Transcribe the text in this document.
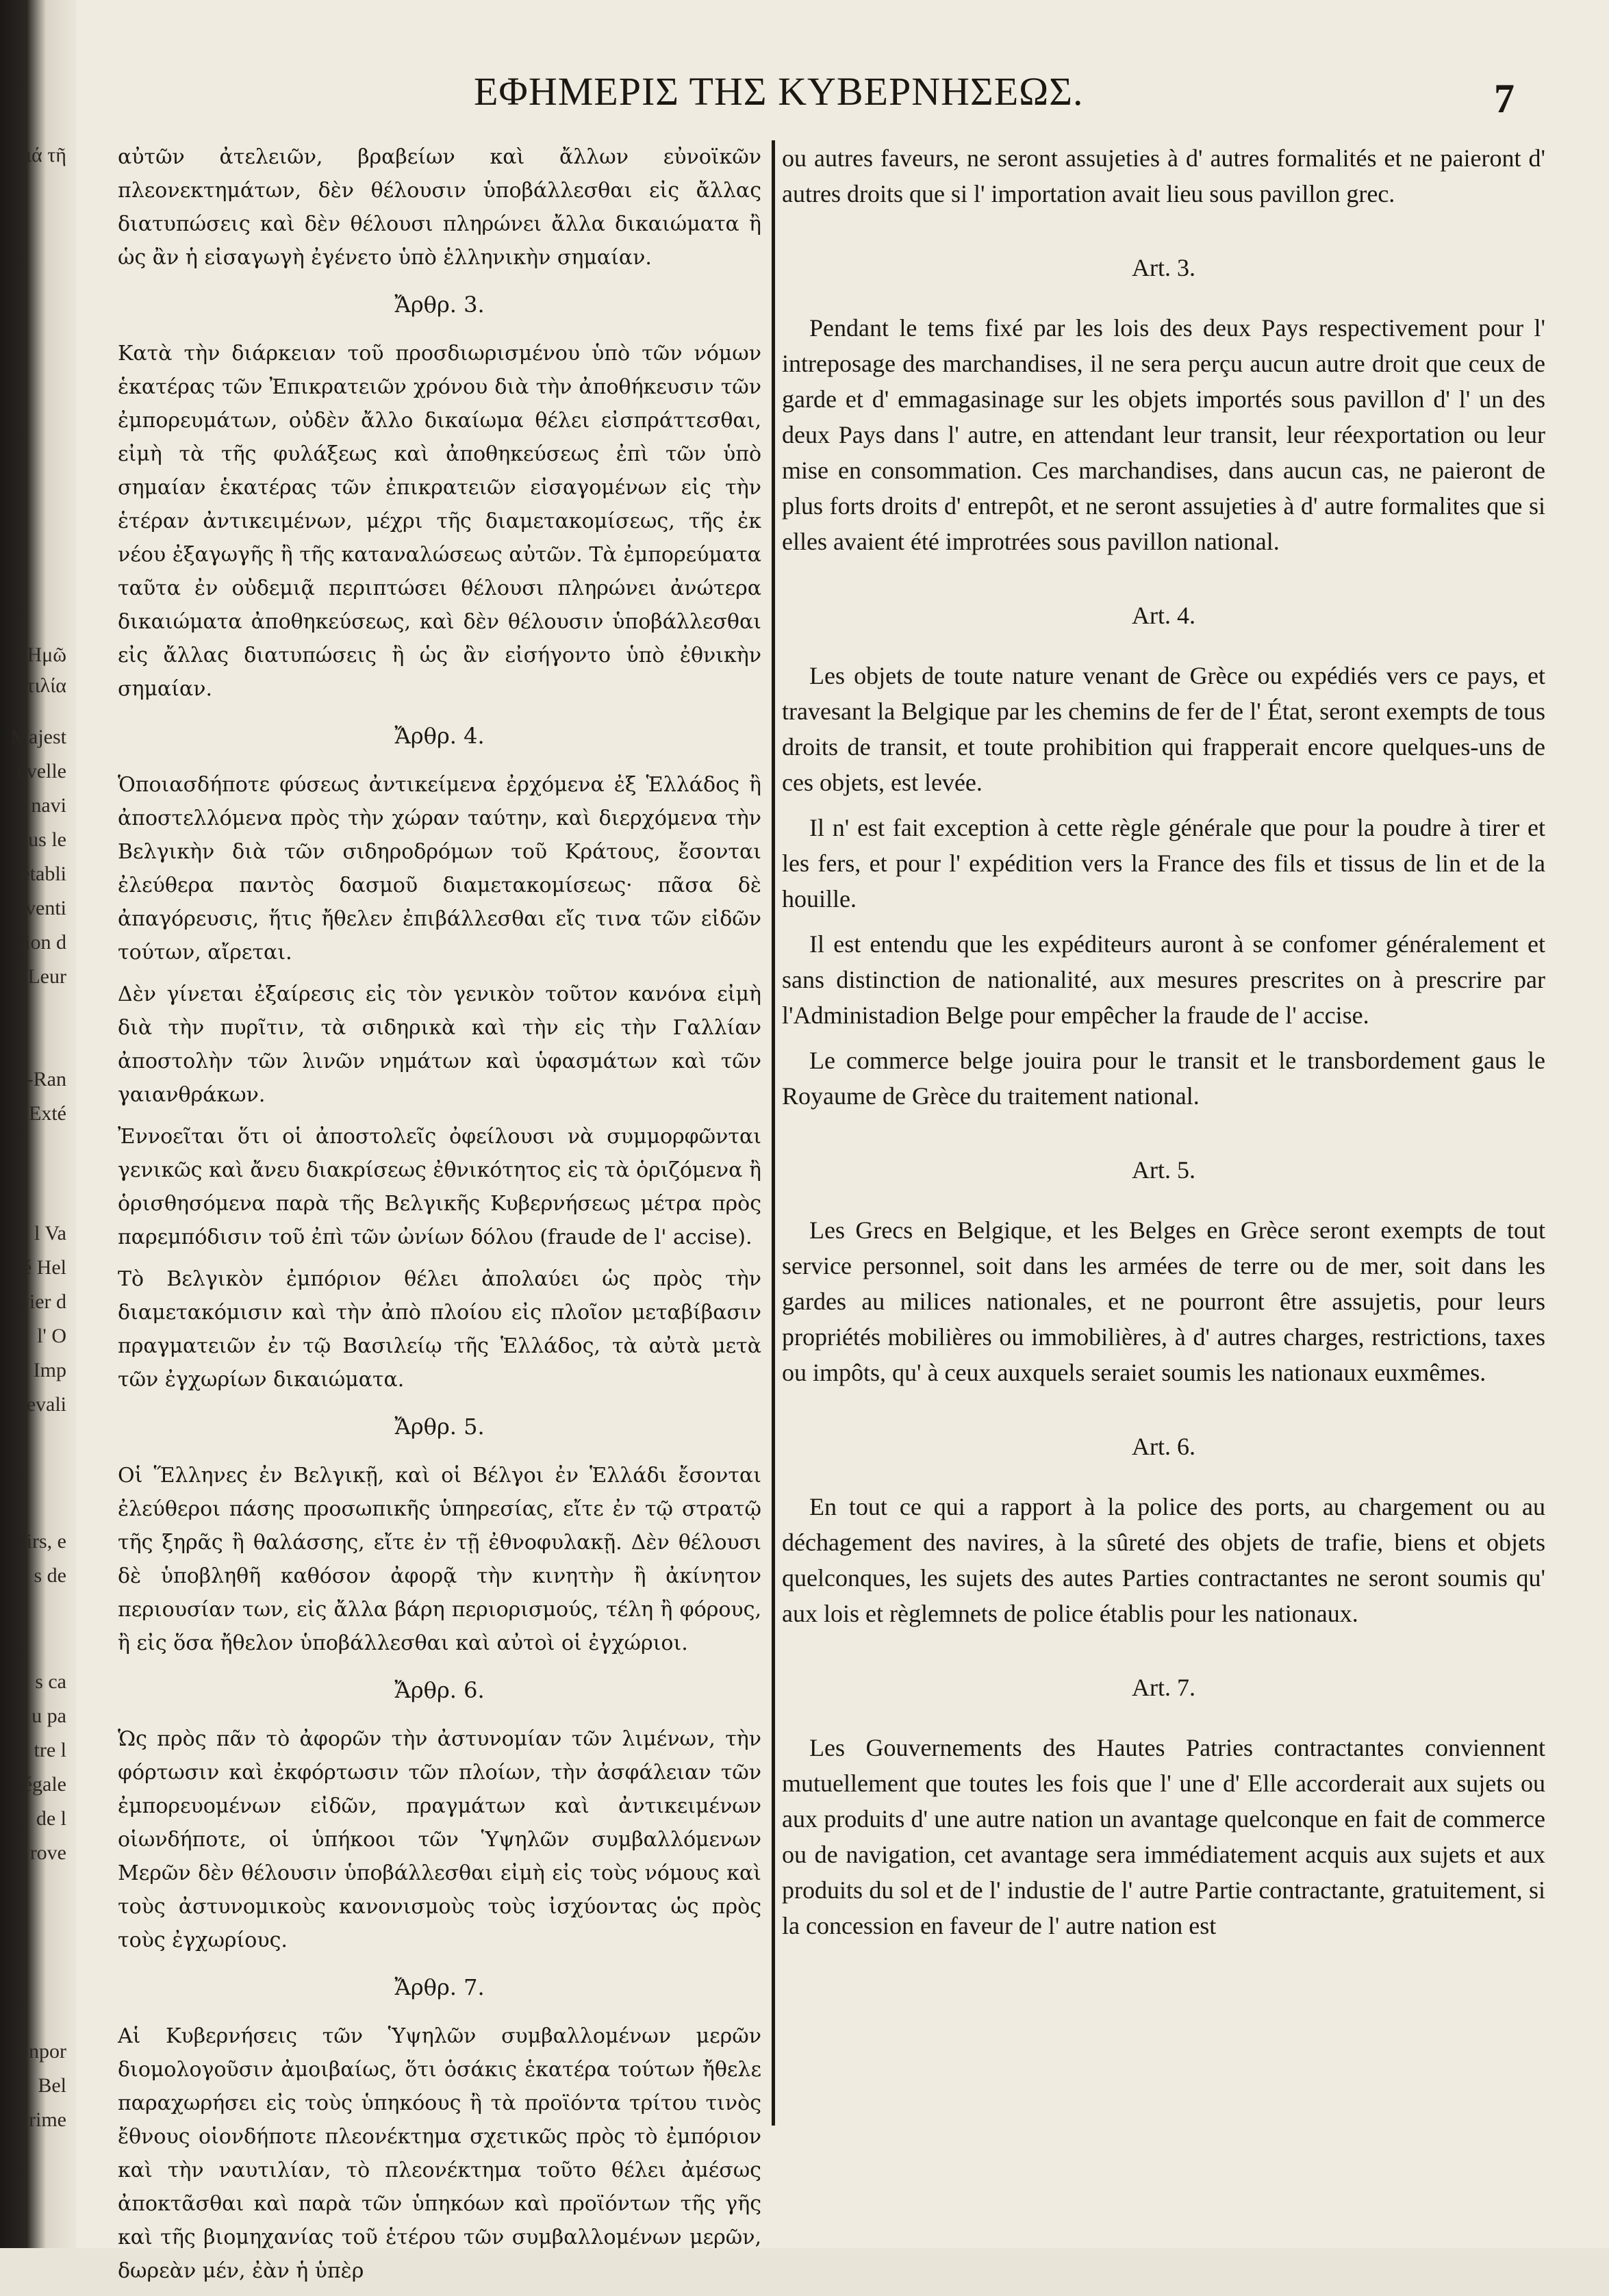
ιά τῆ
Ημῶ
τιλία
Majest
uvelle
navi
lus le
établi
venti
ion d
Leur
-Ran
Exté
l Va
é Hel
ier d
l' O
Imp
evali
irs, e
s de
s ca
u pa
tre l
égale
de l
rove
npor
Bel
rime
ΕΦΗΜΕΡΙΣ ΤΗΣ ΚΥΒΕΡΝΗΣΕΩΣ.	7

αὐτῶν ἀτελειῶν, βραβείων καὶ ἄλλων εὐνοϊκῶν πλεονεκτημάτων, δὲν θέλουσιν ὑποβάλλεσθαι εἰς ἄλλας διατυπώσεις καὶ δὲν θέλουσι πληρώνει ἄλλα δικαιώματα ἢ ὡς ἂν ἡ εἰσαγωγὴ ἐγένετο ὑπὸ ἑλληνικὴν σημαίαν.

Ἄρθρ. 3.

Κατὰ τὴν διάρκειαν τοῦ προσδιωρισμένου ὑπὸ τῶν νόμων ἑκατέρας τῶν Ἐπικρατειῶν χρόνου διὰ τὴν ἀποθήκευσιν τῶν ἐμπορευμάτων, οὐδὲν ἄλλο δικαίωμα θέλει εἰσπράττεσθαι, εἰμὴ τὰ τῆς φυλάξεως καὶ ἀποθηκεύσεως ἐπὶ τῶν ὑπὸ σημαίαν ἑκατέρας τῶν ἐπικρατειῶν εἰσαγομένων εἰς τὴν ἑτέραν ἀντικειμένων, μέχρι τῆς διαμετακομίσεως, τῆς ἐκ νέου ἐξαγωγῆς ἢ τῆς καταναλώσεως αὐτῶν. Τὰ ἐμπορεύματα ταῦτα ἐν οὐδεμιᾷ περιπτώσει θέλουσι πληρώνει ἀνώτερα δικαιώματα ἀποθηκεύσεως, καὶ δὲν θέλουσιν ὑποβάλλεσθαι εἰς ἄλλας διατυπώσεις ἢ ὡς ἂν εἰσήγοντο ὑπὸ ἐθνικὴν σημαίαν.

Ἄρθρ. 4.

Ὁποιασδήποτε φύσεως ἀντικείμενα ἐρχόμενα ἐξ Ἑλλάδος ἢ ἀποστελλόμενα πρὸς τὴν χώραν ταύτην, καὶ διερχόμενα τὴν Βελγικὴν διὰ τῶν σιδηροδρόμων τοῦ Κράτους, ἔσονται ἐλεύθερα παντὸς δασμοῦ διαμετακομίσεως· πᾶσα δὲ ἀπαγόρευσις, ἥτις ἤθελεν ἐπιβάλλεσθαι εἴς τινα τῶν εἰδῶν τούτων, αἴρεται.

Δὲν γίνεται ἐξαίρεσις εἰς τὸν γενικὸν τοῦτον κανόνα εἰμὴ διὰ τὴν πυρῖτιν, τὰ σιδηρικὰ καὶ τὴν εἰς τὴν Γαλλίαν ἀποστολὴν τῶν λινῶν νημάτων καὶ ὑφασμάτων καὶ τῶν γαιανθράκων.

Ἐννοεῖται ὅτι οἱ ἀποστολεῖς ὀφείλουσι νὰ συμμορφῶνται γενικῶς καὶ ἄνευ διακρίσεως ἐθνικότητος εἰς τὰ ὁριζόμενα ἢ ὁρισθησόμενα παρὰ τῆς Βελγικῆς Κυβερνήσεως μέτρα πρὸς παρεμπόδισιν τοῦ ἐπὶ τῶν ὠνίων δόλου (fraude de l' accise).

Τὸ Βελγικὸν ἐμπόριον θέλει ἀπολαύει ὡς πρὸς τὴν διαμετακόμισιν καὶ τὴν ἀπὸ πλοίου εἰς πλοῖον μεταβίβασιν πραγματειῶν ἐν τῷ Βασιλείῳ τῆς Ἑλλάδος, τὰ αὐτὰ μετὰ τῶν ἐγχωρίων δικαιώματα.

Ἄρθρ. 5.

Οἱ Ἕλληνες ἐν Βελγικῇ, καὶ οἱ Βέλγοι ἐν Ἑλλάδι ἔσονται ἐλεύθεροι πάσης προσωπικῆς ὑπηρεσίας, εἴτε ἐν τῷ στρατῷ τῆς ξηρᾶς ἢ θαλάσσης, εἴτε ἐν τῇ ἐθνοφυλακῇ. Δὲν θέλουσι δὲ ὑποβληθῆ καθόσον ἀφορᾷ τὴν κινητὴν ἢ ἀκίνητον περιουσίαν των, εἰς ἄλλα βάρη περιορισμούς, τέλη ἢ φόρους, ἢ εἰς ὅσα ἤθελον ὑποβάλλεσθαι καὶ αὐτοὶ οἱ ἐγχώριοι.

Ἄρθρ. 6.

Ὡς πρὸς πᾶν τὸ ἀφορῶν τὴν ἀστυνομίαν τῶν λιμένων, τὴν φόρτωσιν καὶ ἐκφόρτωσιν τῶν πλοίων, τὴν ἀσφάλειαν τῶν ἐμπορευομένων εἰδῶν, πραγμάτων καὶ ἀντικειμένων οἱωνδήποτε, οἱ ὑπήκοοι τῶν Ὑψηλῶν συμβαλλόμενων Μερῶν δὲν θέλουσιν ὑποβάλλεσθαι εἰμὴ εἰς τοὺς νόμους καὶ τοὺς ἀστυνομικοὺς κανονισμοὺς τοὺς ἰσχύοντας ὡς πρὸς τοὺς ἐγχωρίους.

Ἄρθρ. 7.

Αἱ Κυβερνήσεις τῶν Ὑψηλῶν συμβαλλομένων μερῶν διομολογοῦσιν ἀμοιβαίως, ὅτι ὁσάκις ἑκατέρα τούτων ἤθελε παραχωρήσει εἰς τοὺς ὑπηκόους ἢ τὰ προϊόντα τρίτου τινὸς ἔθνους οἱονδήποτε πλεονέκτημα σχετικῶς πρὸς τὸ ἐμπόριον καὶ τὴν ναυτιλίαν, τὸ πλεονέκτημα τοῦτο θέλει ἀμέσως ἀποκτᾶσθαι καὶ παρὰ τῶν ὑπηκόων καὶ προϊόντων τῆς γῆς καὶ τῆς βιομηχανίας τοῦ ἑτέρου τῶν συμβαλλομένων μερῶν, δωρεὰν μέν, ἐὰν ἡ ὑπὲρ

ou autres faveurs, ne seront assujeties à d' autres formalités et ne paieront d' autres droits que si l' importation avait lieu sous pavillon grec.

Art. 3.

Pendant le tems fixé par les lois des deux Pays respectivement pour l' intreposage des marchandises, il ne sera perçu aucun autre droit que ceux de garde et d' emmagasinage sur les objets importés sous pavillon d' l' un des deux Pays dans l' autre, en attendant leur transit, leur réexportation ou leur mise en consommation. Ces marchandises, dans aucun cas, ne paieront de plus forts droits d' entrepôt, et ne seront assujeties à d' autre formalites que si elles avaient été improtrées sous pavillon national.

Art. 4.

Les objets de toute nature venant de Grèce ou expédiés vers ce pays, et travesant la Belgique par les chemins de fer de l' État, seront exempts de tous droits de transit, et toute prohibition qui frapperait encore quelques-uns de ces objets, est levée.

Il n' est fait exception à cette règle générale que pour la poudre à tirer et les fers, et pour l' expédition vers la France des fils et tissus de lin et de la houille.

Il est entendu que les expéditeurs auront à se confomer généralement et sans distinction de nationalité, aux mesures prescrites on à prescrire par l'Administadion Belge pour empêcher la fraude de l' accise.

Le commerce belge jouira pour le transit et le transbordement gaus le Royaume de Grèce du traitement national.

Art. 5.

Les Grecs en Belgique, et les Belges en Grèce seront exempts de tout service personnel, soit dans les armées de terre ou de mer, soit dans les gardes au milices nationales, et ne pourront être assujetis, pour leurs propriétés mobilières ou immobilières, à d' autres charges, restrictions, taxes ou impôts, qu' à ceux auxquels seraiet soumis les nationaux euxmêmes.

Art. 6.

En tout ce qui a rapport à la police des ports, au chargement ou au déchagement des navires, à la sûreté des objets de trafie, biens et objets quelconques, les sujets des autes Parties contractantes ne seront soumis qu' aux lois et règlemnets de police établis pour les nationaux.

Art. 7.

Les Gouvernements des Hautes Patries contractantes conviennent mutuellement que toutes les fois que l' une d' Elle accorderait aux sujets ou aux produits d' une autre nation un avantage quelconque en fait de commerce ou de navigation, cet avantage sera immédiatement acquis aux sujets et aux produits du sol et de l' industie de l' autre Partie contractante, gratuitement, si la concession en faveur de l' autre nation est
